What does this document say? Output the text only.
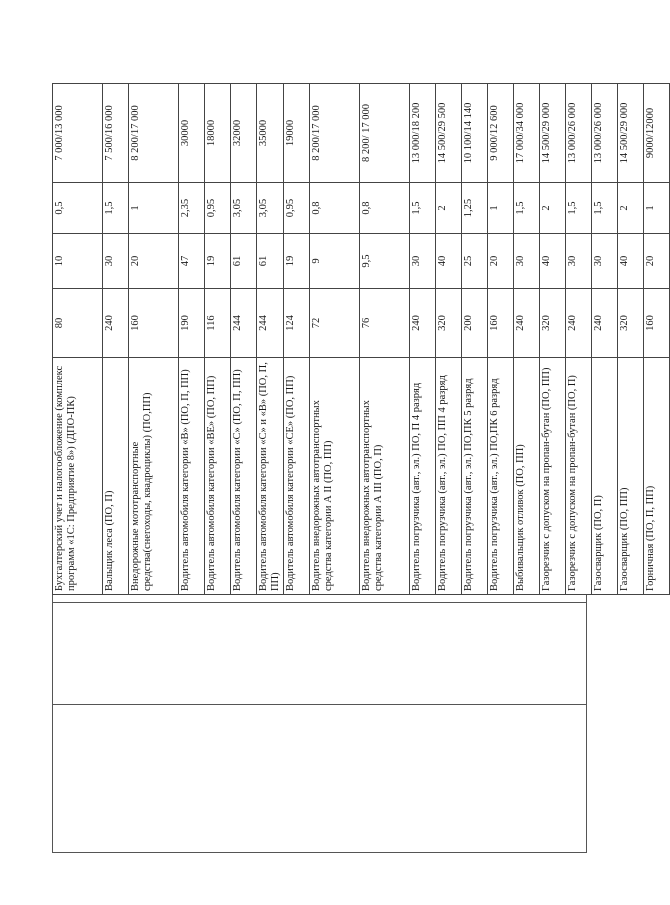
Бухгалтерский учет и налогообложение (комплекс программ «1С: Предприятие 8») (ДПО-ПК)	80	10	0,5	7 000/13 000
Вальщик леса (ПО, П)	240	30	1,5	7 500/16 000
Внедорожные мототранспортные средства(снегоходы, квадроциклы) (ПО,ПП)	160	20	1	8 200/17 000
Водитель автомобиля категории «В» (ПО, П, ПП)	190	47	2,35	30000
Водитель автомобиля категории «ВЕ» (ПО, ПП)	116	19	0,95	18000
Водитель автомобиля категории «С» (ПО, П, ПП)	244	61	3,05	32000
Водитель автомобиля категории «С» и «В» (ПО, П, ПП)	244	61	3,05	35000
Водитель автомобиля категории «СЕ» (ПО, ПП)	124	19	0,95	19000
Водитель внедорожных автотранспортных средства категории А II (ПО, ПП)	72	9	0,8	8 200/17 000
Водитель внедорожных автотранспортных средства категории А III (ПО, П)	76	9,5	0,8	8 200/ 17 000
Водитель погрузчика (авт., эл.) ПО, П 4 разряд	240	30	1,5	13 000/18 200
Водитель погрузчика (авт., эл.) ПО, ПП 4 разряд	320	40	2	14 500/29 500
Водитель погрузчика (авт., эл.) ПО,ПК 5 разряд	200	25	1,25	10 100/14 140
Водитель погрузчика (авт., эл.) ПО,ПК 6 разряд	160	20	1	9 000/12 600
Выбивальщик отливок (ПО, ПП)	240	30	1,5	17 000/34 000
Газорезчик с допуском на пропан-бутан (ПО, ПП)	320	40	2	14 500/29 000
Газорезчик с допуском на пропан-бутан (ПО, П)	240	30	1,5	13 000/26 000
Газосварщик (ПО, П)	240	30	1,5	13 000/26 000
Газосварщик (ПО, ПП)	320	40	2	14 500/29 000
Горничная (ПО, П, ПП)	160	20	1	9000/12000
